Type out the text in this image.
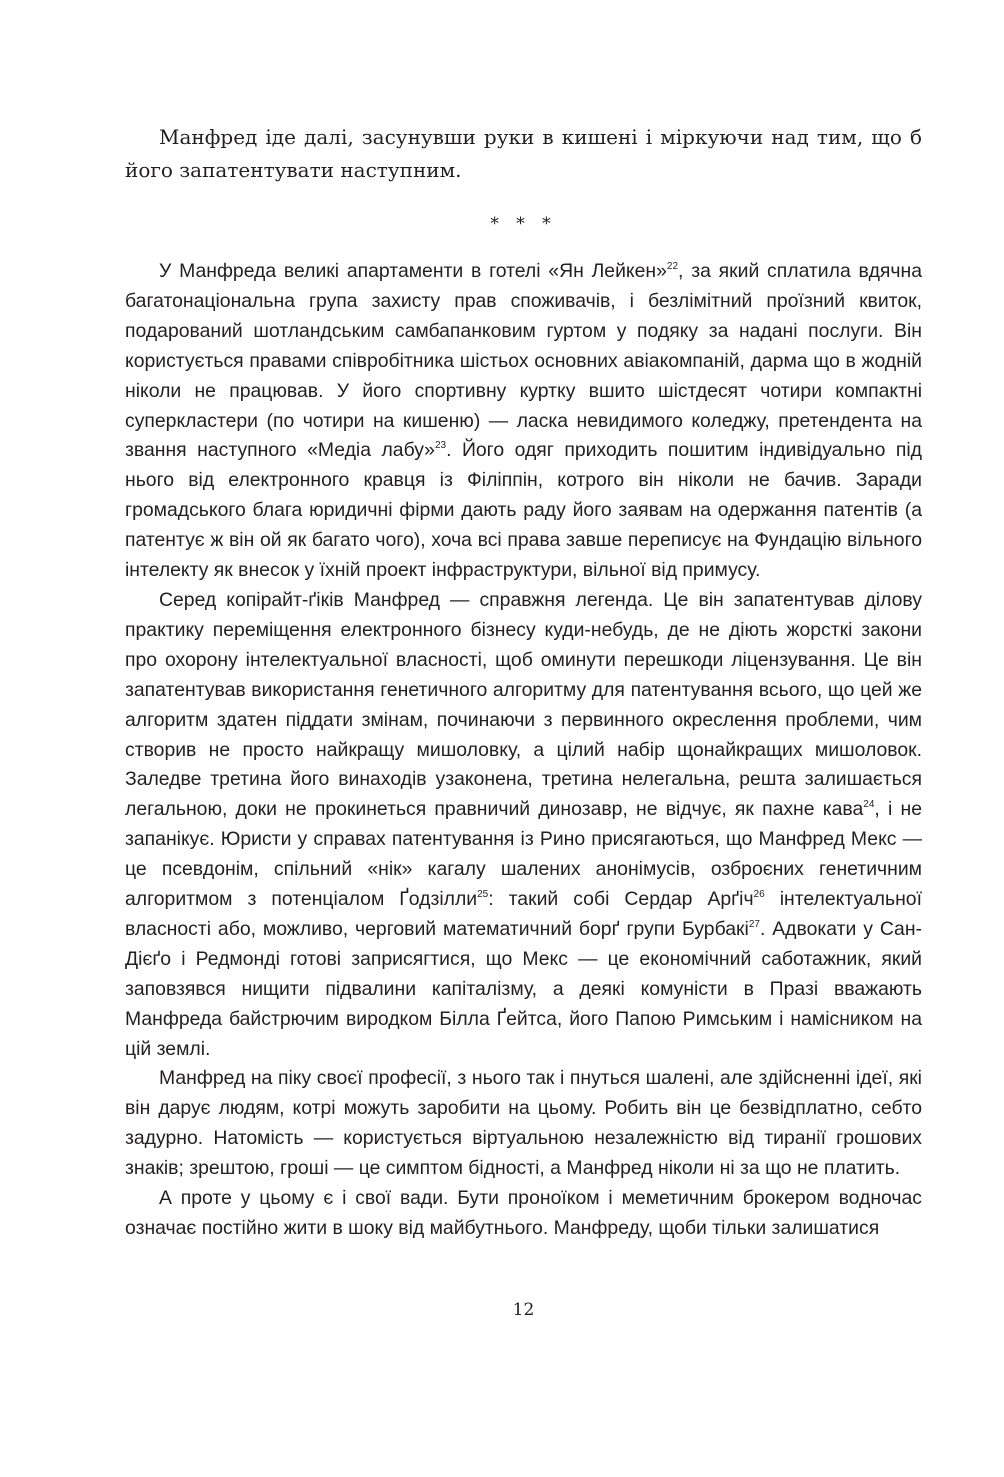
Манфред іде далі, засунувши руки в кишені і міркуючи над тим, що б його запатентувати наступним.

* * *

У Манфреда великі апартаменти в готелі «Ян Лейкен»$^{22}$, за який сплатила вдячна багатонаціональна група захисту прав споживачів, і безлімітний проїзний квиток, подарований шотландським самбапанковим гуртом у подяку за надані послуги. Він користується правами співробітника шістьох основних авіакомпаній, дарма що в жодній ніколи не працював. У його спортивну куртку вшито шістдесят чотири компактні суперкластери (по чотири на кишеню) — ласка невидимого коледжу, претендента на звання наступного «Медіа лабу»$^{23}$. Його одяг приходить пошитим індивідуально під нього від електронного кравця із Філіппін, котрого він ніколи не бачив. Заради громадського блага юридичні фірми дають раду його заявам на одержання патентів (а патентує ж він ой як багато чого), хоча всі права завше переписує на Фундацію вільного інтелекту як внесок у їхній проект інфраструктури, вільної від примусу.

Серед копірайт-ґіків Манфред — справжня легенда. Це він запатентував ділову практику переміщення електронного бізнесу куди-небудь, де не діють жорсткі закони про охорону інтелектуальної власності, щоб оминути перешкоди ліцензування. Це він запатентував використання генетичного алгоритму для патентування всього, що цей же алгоритм здатен піддати змінам, починаючи з первинного окреслення проблеми, чим створив не просто найкращу мишоловку, а цілий набір щонайкращих мишоловок. Заледве третина його винаходів узаконена, третина нелегальна, решта залишається легальною, доки не прокинеться правничий динозавр, не відчує, як пахне кава$^{24}$, і не запанікує. Юристи у справах патентування із Рино присягаються, що Манфред Мекс — це псевдонім, спільний «нік» кагалу шалених анонімусів, озброєних генетичним алгоритмом з потенціалом Ґодзілли$^{25}$: такий собі Сердар Арґіч$^{26}$ інтелектуальної власності або, можливо, черговий математичний борґ групи Бурбакі$^{27}$. Адвокати у Сан-Дієґо і Редмонді готові заприсягтися, що Мекс — це економічний саботажник, який заповзявся нищити підвалини капіталізму, а деякі комуністи в Празі вважають Манфреда байстрючим виродком Білла Ґейтса, його Папою Римським і намісником на цій землі.

Манфред на піку своєї професії, з нього так і пнуться шалені, але здійсненні ідеї, які він дарує людям, котрі можуть заробити на цьому. Робить він це безвідплатно, себто задурно. Натомість — користується віртуальною незалежністю від тиранії грошових знаків; зрештою, гроші — це симптом бідності, а Манфред ніколи ні за що не платить.

А проте у цьому є і свої вади. Бути проноїком і меметичним брокером водночас означає постійно жити в шоку від майбутнього. Манфреду, щоби тільки залишатися

12
